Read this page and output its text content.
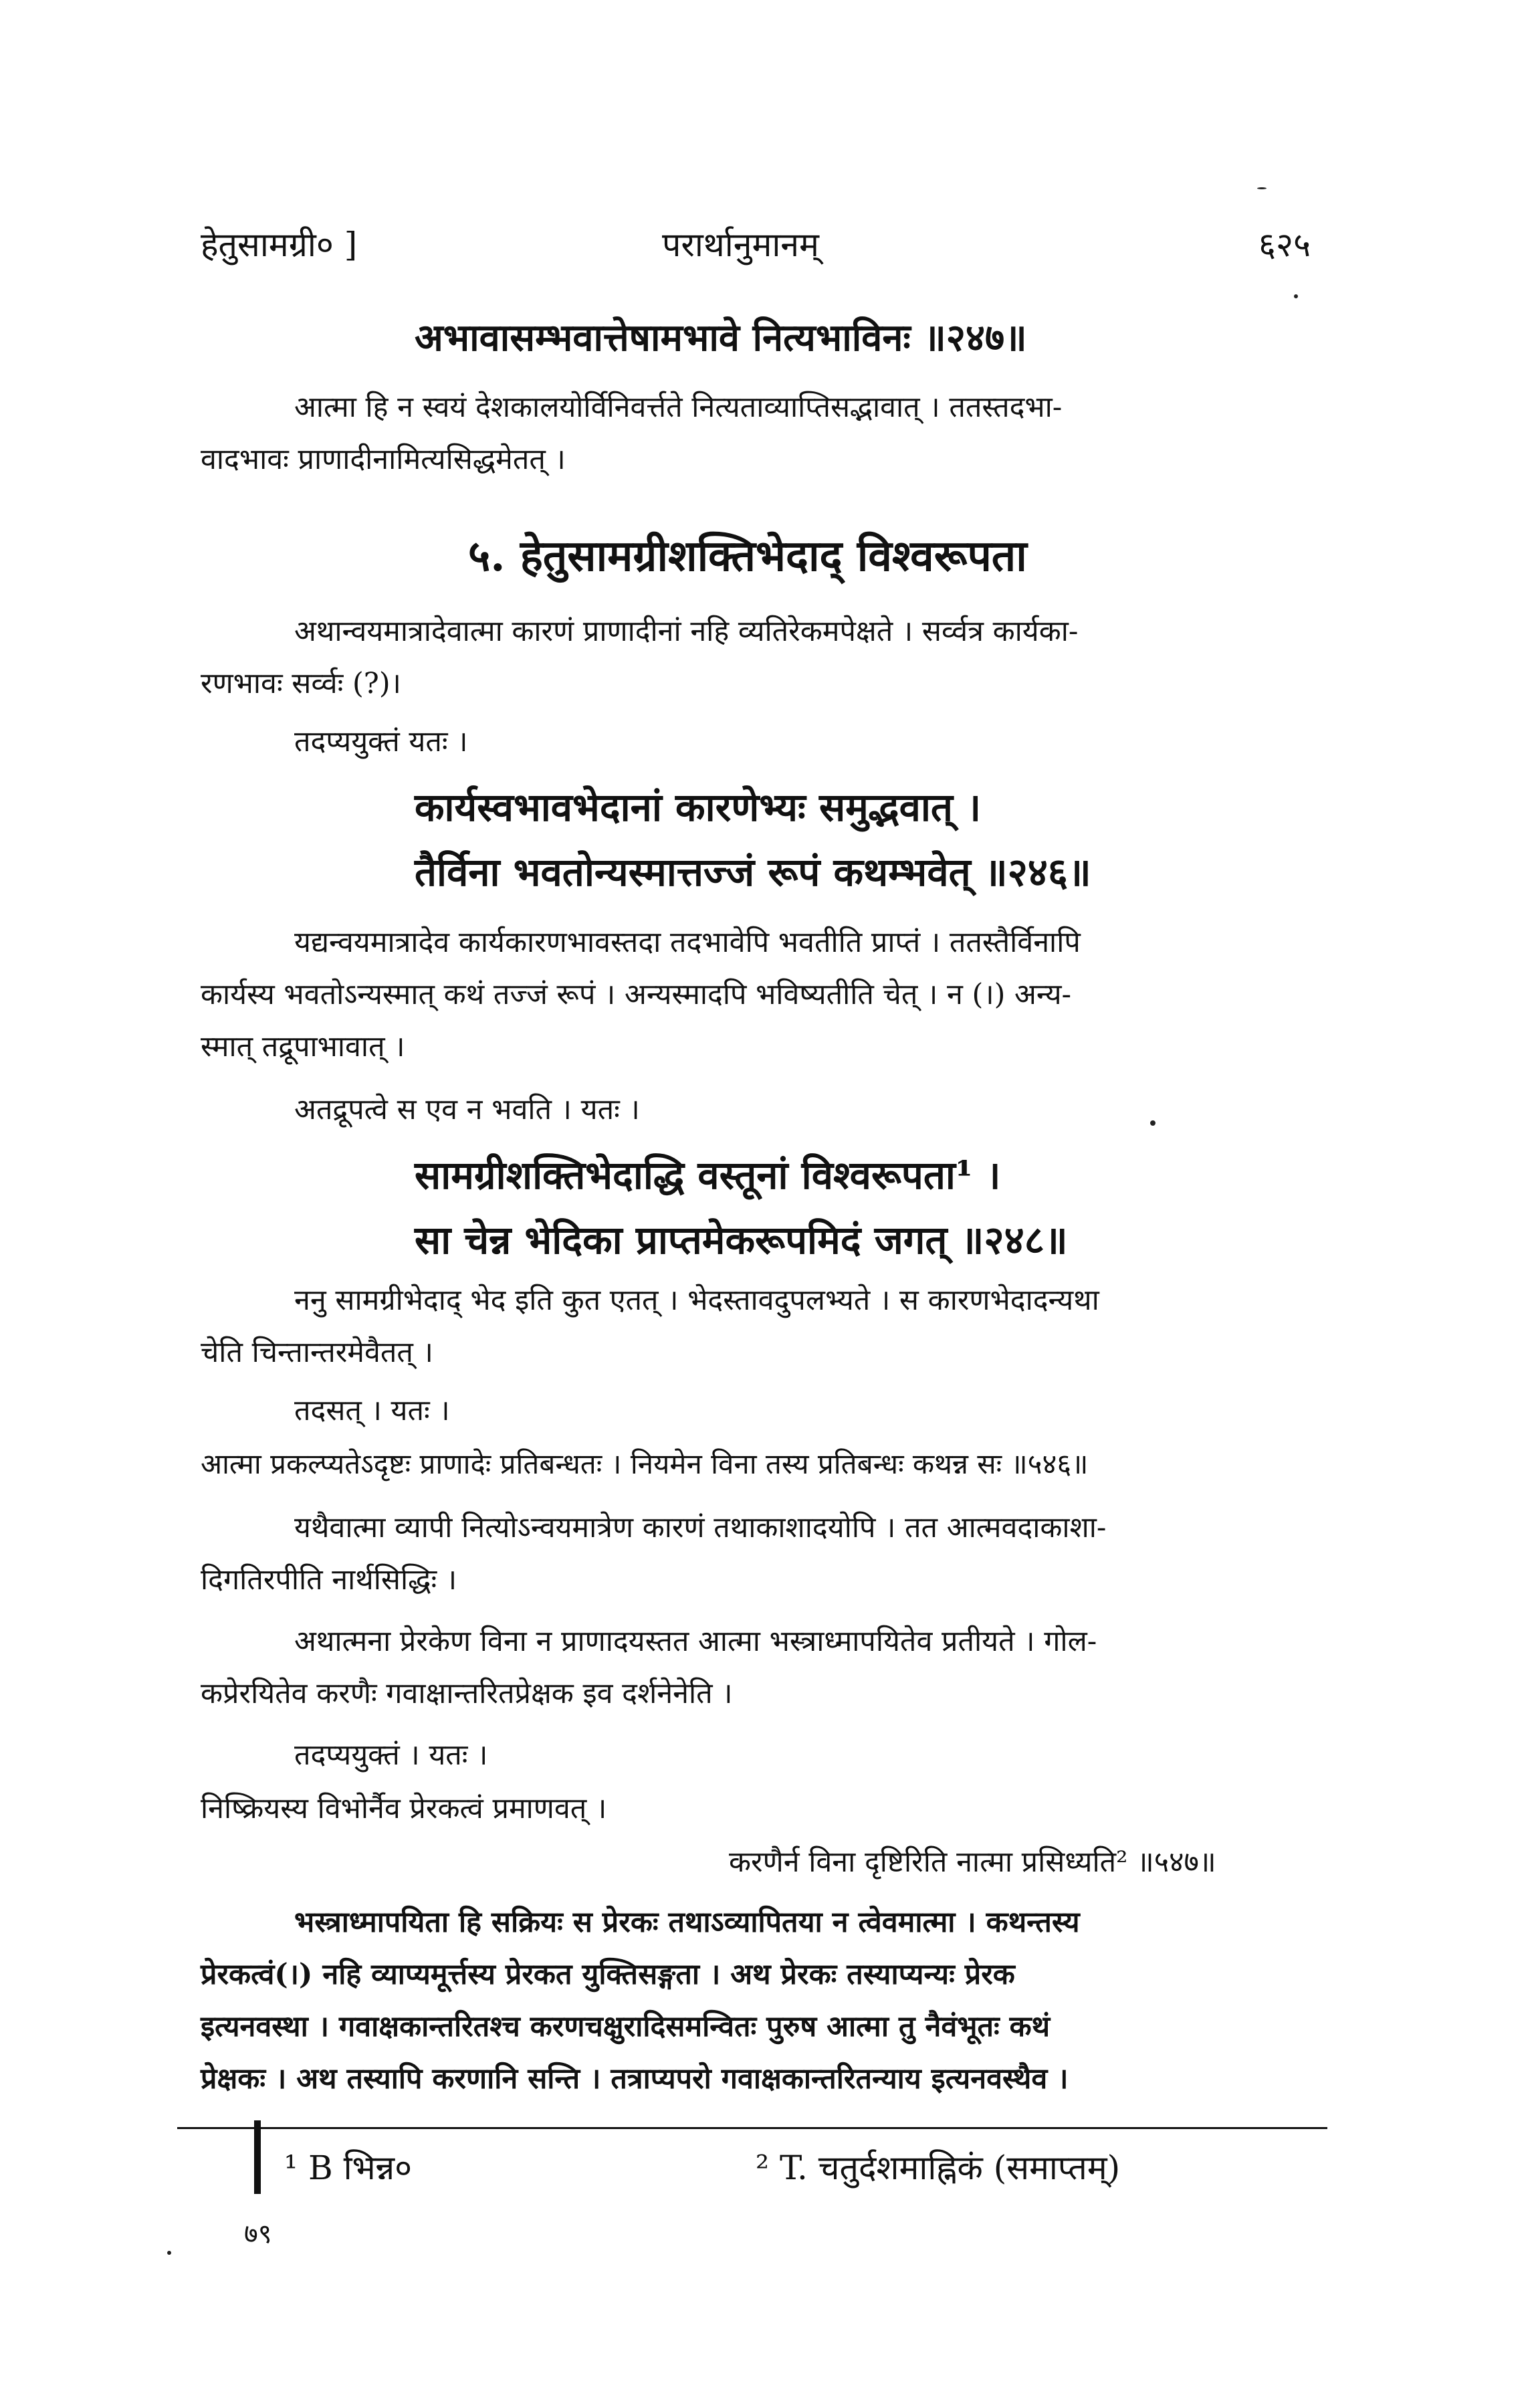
हेतुसामग्री० ]	परार्थानुमानम्	६२५
अभावासम्भवात्तेषामभावे नित्यभाविनः ॥२४७॥
आत्मा हि न स्वयं देशकालयोर्विनिवर्त्तते नित्यताव्याप्तिसद्भावात् । ततस्तदभा-
वादभावः प्राणादीनामित्यसिद्धमेतत् ।
५. हेतुसामग्रीशक्तिभेदाद् विश्वरूपता
अथान्वयमात्रादेवात्मा कारणं प्राणादीनां नहि व्यतिरेकमपेक्षते । सर्व्वत्र कार्यका-
रणभावः सर्व्वः (?)।
तदप्ययुक्तं यतः ।
कार्यस्वभावभेदानां कारणेभ्यः समुद्भवात् ।
तैर्विना भवतोन्यस्मात्तज्जं रूपं कथम्भवेत् ॥२४६॥
यद्यन्वयमात्रादेव कार्यकारणभावस्तदा तदभावेपि भवतीति प्राप्तं । ततस्तैर्विनापि
कार्यस्य भवतोऽन्यस्मात् कथं तज्जं रूपं । अन्यस्मादपि भविष्यतीति चेत् । न (।) अन्य-
स्मात् तद्रूपाभावात् ।
अतद्रूपत्वे स एव न भवति । यतः ।
सामग्रीशक्तिभेदाद्धि वस्तूनां विश्वरूपता¹ ।
सा चेन्न भेदिका प्राप्तमेकरूपमिदं जगत् ॥२४८॥
ननु सामग्रीभेदाद् भेद इति कुत एतत् । भेदस्तावदुपलभ्यते । स कारणभेदादन्यथा
चेति चिन्तान्तरमेवैतत् ।
तदसत् । यतः ।
आत्मा प्रकल्प्यतेऽदृष्टः प्राणादेः प्रतिबन्धतः । नियमेन विना तस्य प्रतिबन्धः कथन्न सः ॥५४६॥
यथैवात्मा व्यापी नित्योऽन्वयमात्रेण कारणं तथाकाशादयोपि । तत आत्मवदाकाशा-
दिगतिरपीति नार्थसिद्धिः ।
अथात्मना प्रेरकेण विना न प्राणादयस्तत आत्मा भस्त्राध्मापयितेव प्रतीयते । गोल-
कप्रेरयितेव करणैः गवाक्षान्तरितप्रेक्षक इव दर्शनेनेति ।
तदप्ययुक्तं । यतः ।
निष्क्रियस्य विभोर्नैव प्रेरकत्वं प्रमाणवत् ।
करणैर्न विना दृष्टिरिति नात्मा प्रसिध्यति² ॥५४७॥
भस्त्राध्मापयिता हि सक्रियः स प्रेरकः तथाऽव्यापितया न त्वेवमात्मा । कथन्तस्य
प्रेरकत्वं(।) नहि व्याप्यमूर्त्तस्य प्रेरकत युक्तिसङ्गता । अथ प्रेरकः तस्याप्यन्यः प्रेरक
इत्यनवस्था । गवाक्षकान्तरितश्च करणचक्षुरादिसमन्वितः पुरुष आत्मा तु नैवंभूतः कथं
प्रेक्षकः । अथ तस्यापि करणानि सन्ति । तत्राप्यपरो गवाक्षकान्तरितन्याय इत्यनवस्थैव ।
¹ B भिन्न०	² T. चतुर्दशमाह्निकं (समाप्तम्)
७९
